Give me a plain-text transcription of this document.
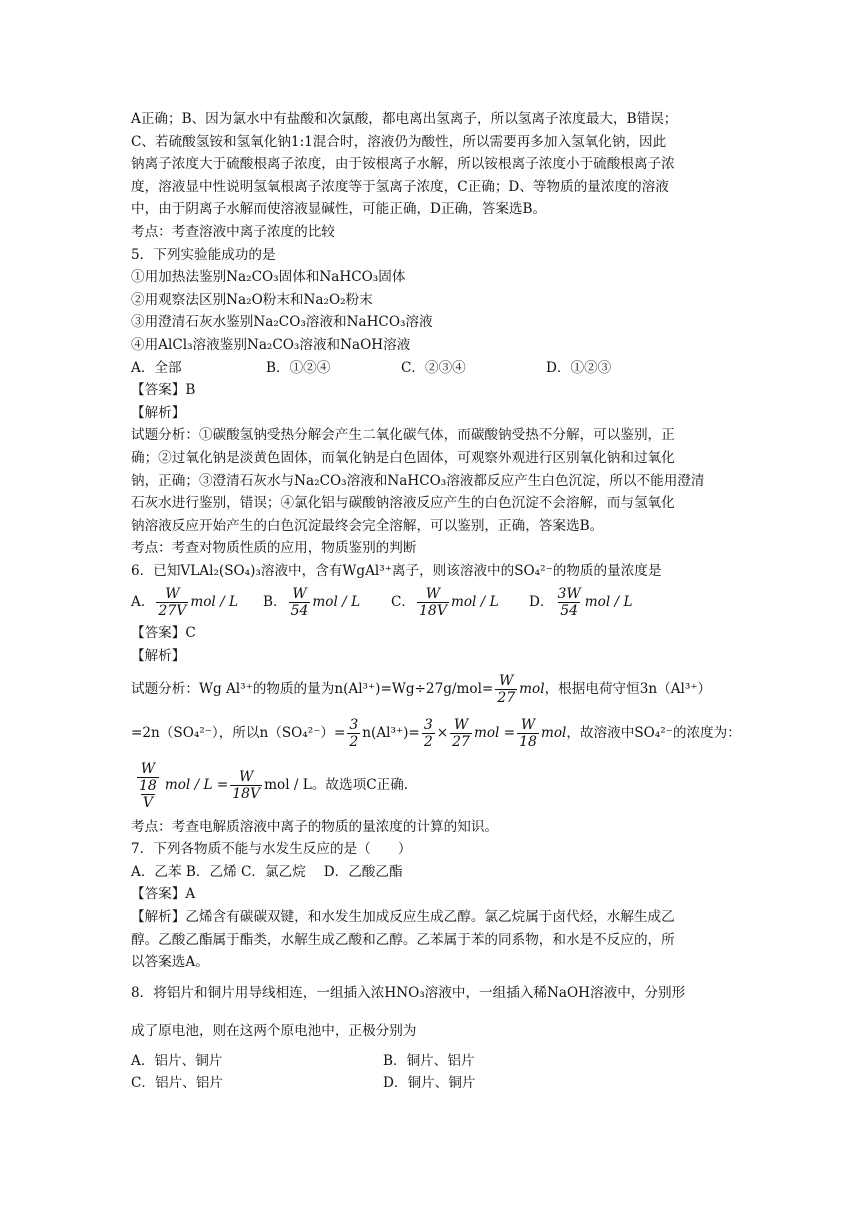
A正确；B、因为氯水中有盐酸和次氯酸，都电离出氢离子，所以氢离子浓度最大，B错误；
C、若硫酸氢铵和氢氧化钠1:1混合时，溶液仍为酸性，所以需要再多加入氢氧化钠，因此
钠离子浓度大于硫酸根离子浓度，由于铵根离子水解，所以铵根离子浓度小于硫酸根离子浓
度，溶液显中性说明氢氧根离子浓度等于氢离子浓度，C正确；D、等物质的量浓度的溶液
中，由于阴离子水解而使溶液显碱性，可能正确，D正确，答案选B。
考点：考查溶液中离子浓度的比较
5．下列实验能成功的是
①用加热法鉴别Na₂CO₃固体和NaHCO₃固体
②用观察法区别Na₂O粉末和Na₂O₂粉末
③用澄清石灰水鉴别Na₂CO₃溶液和NaHCO₃溶液
④用AlCl₃溶液鉴别Na₂CO₃溶液和NaOH溶液
A．全部	B．①②④	C．②③④	D．①②③
【答案】B
【解析】
试题分析：①碳酸氢钠受热分解会产生二氧化碳气体，而碳酸钠受热不分解，可以鉴别，正
确；②过氧化钠是淡黄色固体，而氧化钠是白色固体，可观察外观进行区别氧化钠和过氧化
钠，正确；③澄清石灰水与Na₂CO₃溶液和NaHCO₃溶液都反应产生白色沉淀，所以不能用澄清
石灰水进行鉴别，错误；④氯化铝与碳酸钠溶液反应产生的白色沉淀不会溶解，而与氢氧化
钠溶液反应开始产生的白色沉淀最终会完全溶解，可以鉴别，正确，答案选B。
考点：考查对物质性质的应用，物质鉴别的判断
6．已知VLAl₂(SO₄)₃溶液中，含有WgAl³⁺离子，则该溶液中的SO₄²⁻的物质的量浓度是
A． $\frac{W}{27V}$ mol / L	B． $\frac{W}{54}$ mol / L	C． $\frac{W}{18V}$ mol / L	D． $\frac{3W}{54}$ mol / L
【答案】C
【解析】
试题分析：Wg Al³⁺的物质的量为$n(Al^{3+})=Wg\div 27g/mol= \frac{W}{27}$ mol ，根据电荷守恒3n（Al³⁺）
=2n（SO₄²⁻），所以$n(SO_4^{2-})= \frac{3}{2} n(Al^{3+})= \frac{3}{2} \times \frac{W}{27}$ mol = $\frac{W}{18}$ mol ，故溶液中SO₄²⁻的浓度为：
$\frac{\frac{W}{18}}{V}$ mol / $L = \frac{W}{18V}$ mol / L。故选项C正确.
考点：考查电解质溶液中离子的物质的量浓度的计算的知识。
7．下列各物质不能与水发生反应的是（　　）
A．乙苯 B．乙烯 C．氯乙烷　 D．乙酸乙酯
【答案】A
【解析】乙烯含有碳碳双键，和水发生加成反应生成乙醇。氯乙烷属于卤代烃，水解生成乙
醇。乙酸乙酯属于酯类，水解生成乙酸和乙醇。乙苯属于苯的同系物，和水是不反应的，所
以答案选A。
8．将铝片和铜片用导线相连，一组插入浓HNO₃溶液中，一组插入稀NaOH溶液中，分别形
成了原电池，则在这两个原电池中，正极分别为
A．铝片、铜片	B．铜片、铝片
C．铝片、铝片	D．铜片、铜片
